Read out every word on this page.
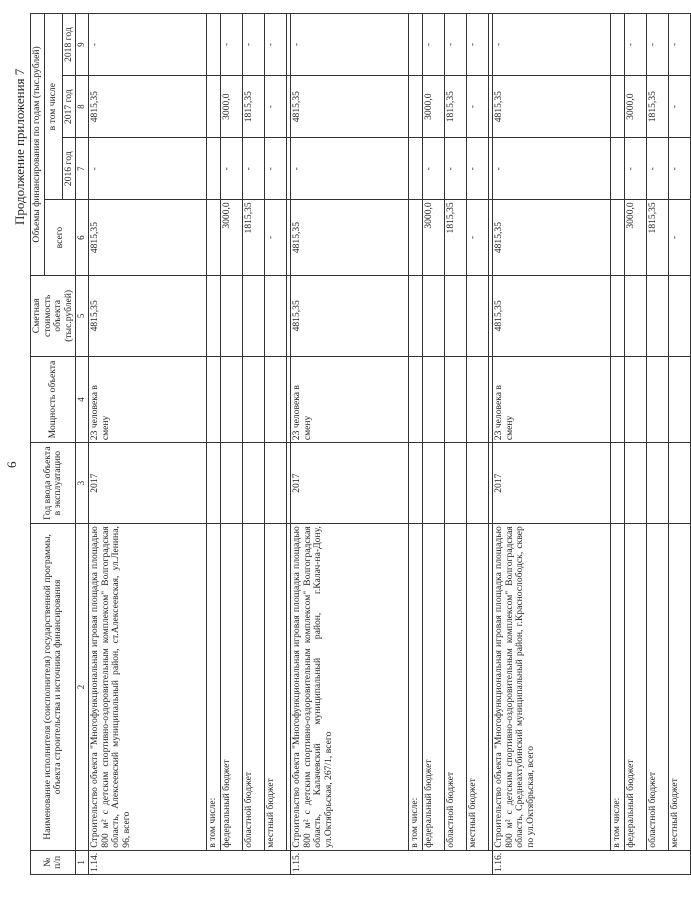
6
Продолжение приложения 7
№ п/п	Наименование исполнителя (соисполнителя) государственной программы, объекта строительства и источника финансирования	Год ввода объекта в эксплуатацию	Мощность объекта	Сметная стоимость объекта (тыс.рублей)	Объемы финансирования по годам (тыс.рублей)			
					всего	в том числе		
						2016 год	2017 год	2018 год
1	2	3	4	5	6	7	8	9
1.14.	Строительство объекта "Многофункциональная игровая площадка площадью 800 м² с детским спортивно-оздоровительным комплексом" Волгоградская область, Алексеевский муниципальный район, ст.Алексеевская, ул.Ленина, 96, всего	2017	23 человека в смену	4815,35	4815,35	-	4815,35	-
	в том числе:							
	федеральный бюджет				3000,0	-	3000,0	-
	областной бюджет				1815,35	-	1815,35	-
	местный бюджет				-	-	-	-

1.15.	Строительство объекта "Многофункциональная игровая площадка площадью 800 м² с детским спортивно-оздоровительным комплексом" Волгоградская область, Калачевский муниципальный район, г.Калач-на-Дону, ул.Октябрьская, 267/1, всего	2017	23 человека в смену	4815,35	4815,35	-	4815,35	-
	в том числе:							
	федеральный бюджет				3000,0	-	3000,0	-
	областной бюджет				1815,35	-	1815,35	-
	местный бюджет				-	-	-	-

1.16.	Строительство объекта "Многофункциональная игровая площадка площадью 800 м² с детским спортивно-оздоровительным комплексом" Волгоградская область, Среднеахтубинский муниципальный район, г.Краснослободск, сквер по ул.Октябрьская, всего	2017	23 человека в смену	4815,35	4815,35	-	4815,35	-
	в том числе:							
	федеральный бюджет				3000,0	-	3000,0	-
	областной бюджет				1815,35	-	1815,35	-
	местный бюджет				-	-	-	-
